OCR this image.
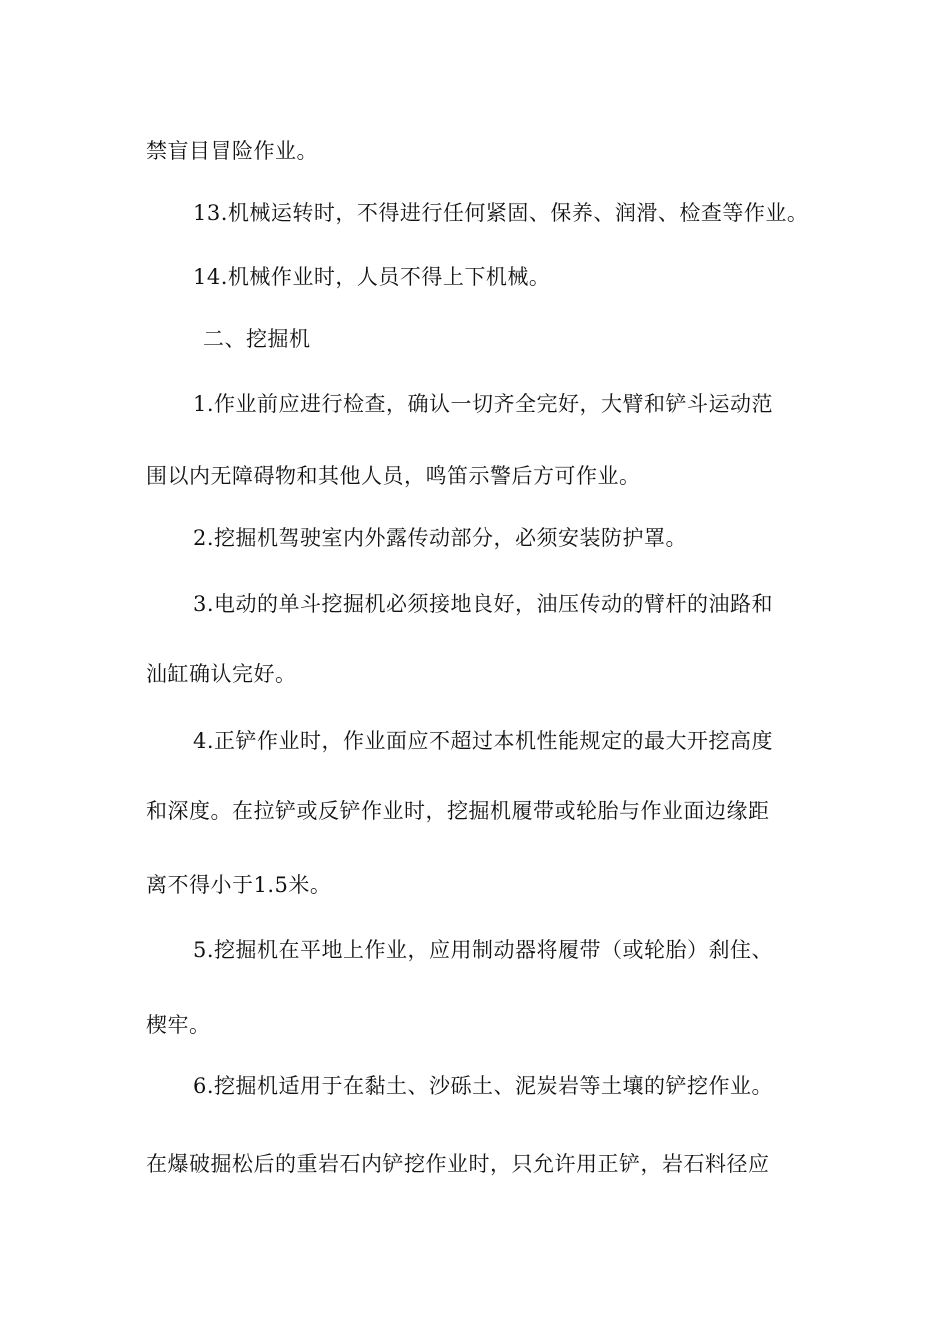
禁盲目冒险作业。
13.机械运转时，不得进行任何紧固、保养、润滑、检查等作业。
14.机械作业时，人员不得上下机械。
二、挖掘机
1.作业前应进行检查，确认一切齐全完好，大臂和铲斗运动范
围以内无障碍物和其他人员，鸣笛示警后方可作业。
2.挖掘机驾驶室内外露传动部分，必须安装防护罩。
3.电动的单斗挖掘机必须接地良好，油压传动的臂杆的油路和
汕缸确认完好。
4.正铲作业时，作业面应不超过本机性能规定的最大开挖高度
和深度。在拉铲或反铲作业时，挖掘机履带或轮胎与作业面边缘距
离不得小于1.5米。
5.挖掘机在平地上作业，应用制动器将履带（或轮胎）刹住、
楔牢。
6.挖掘机适用于在黏土、沙砾土、泥炭岩等土壤的铲挖作业。
在爆破掘松后的重岩石内铲挖作业时，只允许用正铲，岩石料径应
